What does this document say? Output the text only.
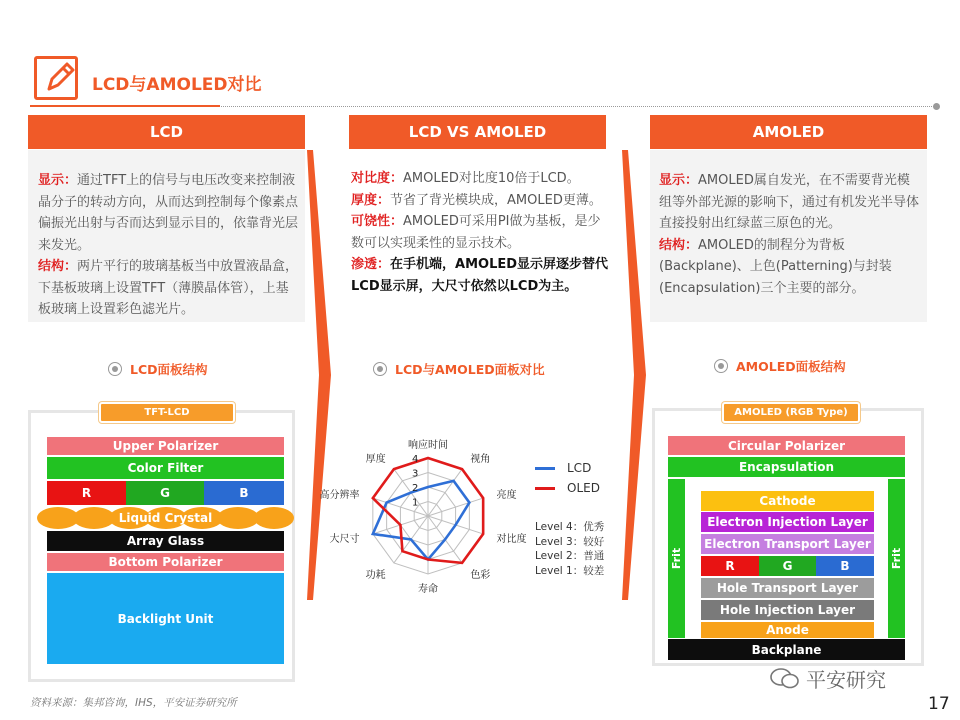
LCD与AMOLED对比
LCD	LCD VS AMOLED	AMOLED
显示：通过TFT上的信号与电压改变来控制液晶分子的转动方向，从而达到控制每个像素点偏振光出射与否而达到显示目的，依靠背光层来发光。
结构：两片平行的玻璃基板当中放置液晶盒，下基板玻璃上设置TFT（薄膜晶体管），上基板玻璃上设置彩色滤光片。
对比度：AMOLED对比度10倍于LCD。
厚度：节省了背光模块成，AMOLED更薄。
可饶性：AMOLED可采用PI做为基板，是少数可以实现柔性的显示技术。
渗透：在手机端，AMOLED显示屏逐步替代LCD显示屏，大尺寸依然以LCD为主。
显示：AMOLED属自发光，在不需要背光模组等外部光源的影响下，通过有机发光半导体直接投射出红绿蓝三原色的光。
结构：AMOLED的制程分为背板(Backplane)、上色(Patterning)与封装(Encapsulation)三个主要的部分。
LCD面板结构	LCD与AMOLED面板对比	AMOLED面板结构
TFT-LCD
Upper Polarizer
Color Filter
R	G	B
Liquid Crystal
Array Glass
Bottom Polarizer
Backlight Unit
响应时间
视角
亮度
对比度
色彩
寿命
功耗
大尺寸
高分辨率
厚度
1
2
3
4
LCD
OLED
Level 4：优秀
Level 3：较好
Level 2：普通
Level 1：较差
AMOLED (RGB Type)
Circular Polarizer
Encapsulation
Frit	Frit
Cathode
Electron Injection Layer
Electron Transport Layer
R	G	B
Hole Transport Layer
Hole Injection Layer
Anode
Backplane
资料来源：集邦咨询，IHS，平安证券研究所
平安研究
17
